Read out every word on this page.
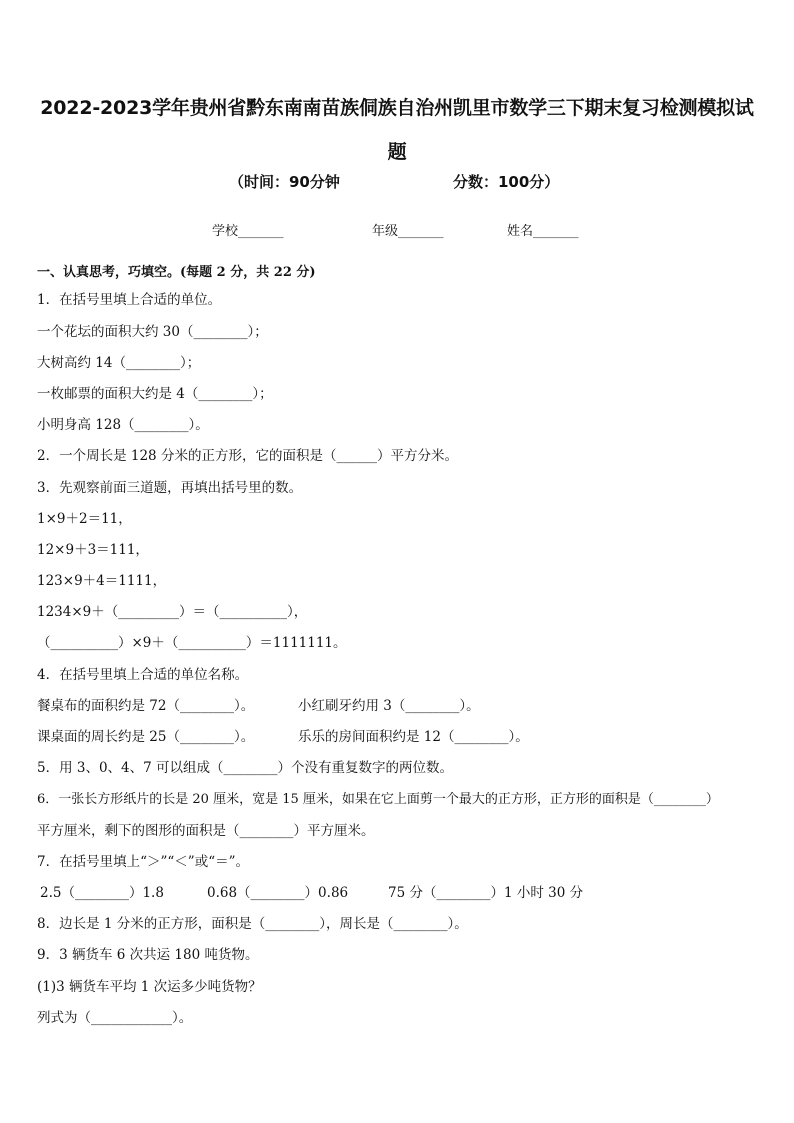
2022-2023学年贵州省黔东南南苗族侗族自治州凯里市数学三下期末复习检测模拟试题
（时间：90分钟	分数：100分）
学校_______	年级_______	姓名_______
一、认真思考，巧填空。(每题 2 分，共 22 分)
1．在括号里填上合适的单位。
一个花坛的面积大约 30（________）；
大树高约 14（________）；
一枚邮票的面积大约是 4（________）；
小明身高 128（________）。
2．一个周长是 128 分米的正方形，它的面积是（______）平方分米。
3．先观察前面三道题，再填出括号里的数。
1×9＋2＝11，
12×9＋3＝111，
123×9＋4＝1111，
1234×9＋（_________）＝（__________），
（__________）×9＋（__________）＝1111111。
4．在括号里填上合适的单位名称。
餐桌布的面积约是 72（________）。	小红刷牙约用 3（________）。
课桌面的周长约是 25（________）。	乐乐的房间面积约是 12（________）。
5．用 3、0、4、7 可以组成（________）个没有重复数字的两位数。
6．一张长方形纸片的长是 20 厘米，宽是 15 厘米，如果在它上面剪一个最大的正方形，正方形的面积是（________）
平方厘米，剩下的图形的面积是（________）平方厘米。
7．在括号里填上“＞”“＜”或“＝”。
2.5（________）1.8	0.68（________）0.86	75 分（________）1 小时 30 分
8．边长是 1 分米的正方形，面积是（________），周长是（________）。
9．3 辆货车 6 次共运 180 吨货物。
(1)3 辆货车平均 1 次运多少吨货物？
列式为（____________）。
